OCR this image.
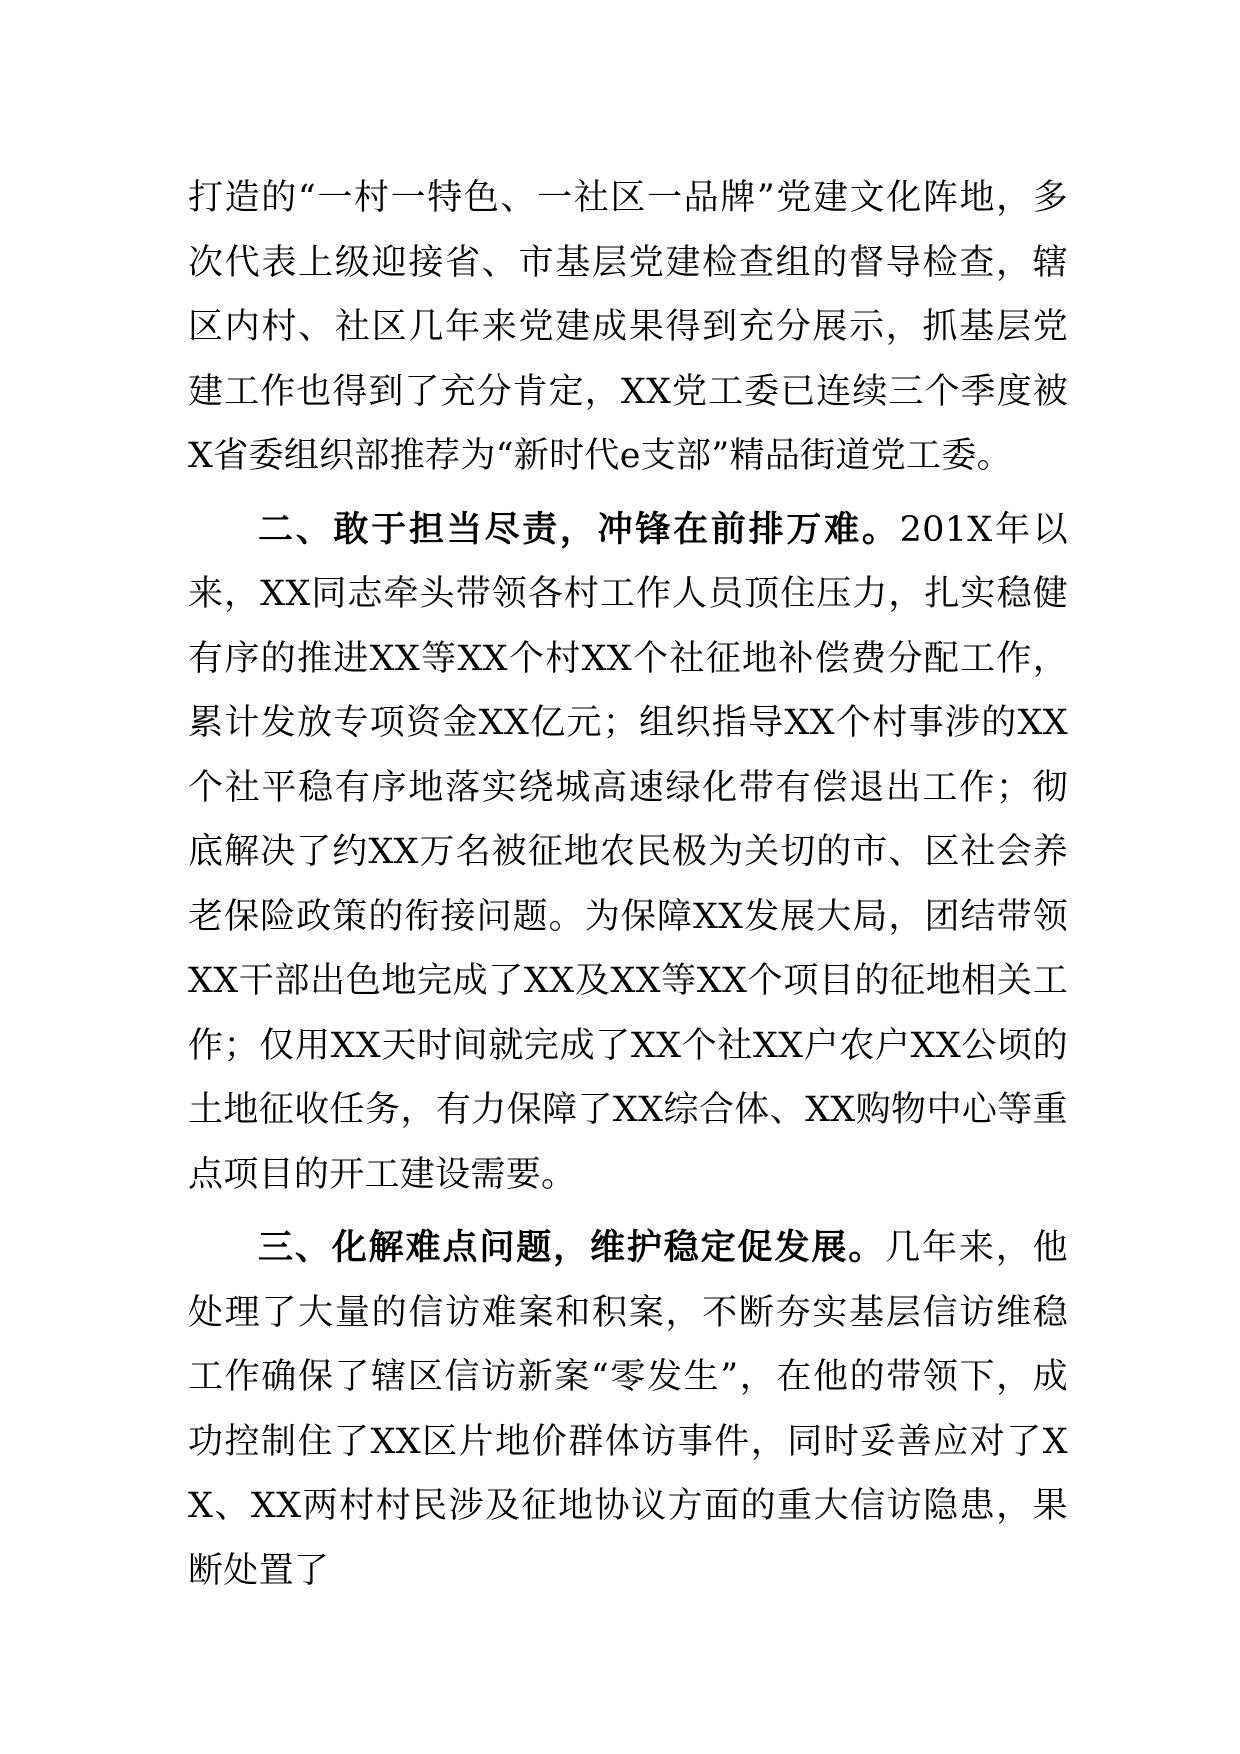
打造的“一村一特色、一社区一品牌”党建文化阵地，多次代表上级迎接省、市基层党建检查组的督导检查，辖区内村、社区几年来党建成果得到充分展示，抓基层党建工作也得到了充分肯定，XX党工委已连续三个季度被X省委组织部推荐为“新时代e支部”精品街道党工委。

二、敢于担当尽责，冲锋在前排万难。201X年以来，XX同志牵头带领各村工作人员顶住压力，扎实稳健有序的推进XX等XX个村XX个社征地补偿费分配工作，累计发放专项资金XX亿元；组织指导XX个村事涉的XX个社平稳有序地落实绕城高速绿化带有偿退出工作；彻底解决了约XX万名被征地农民极为关切的市、区社会养老保险政策的衔接问题。为保障XX发展大局，团结带领XX干部出色地完成了XX及XX等XX个项目的征地相关工作；仅用XX天时间就完成了XX个社XX户农户XX公顷的土地征收任务，有力保障了XX综合体、XX购物中心等重点项目的开工建设需要。

三、化解难点问题，维护稳定促发展。几年来，他处理了大量的信访难案和积案，不断夯实基层信访维稳工作确保了辖区信访新案“零发生”，在他的带领下，成功控制住了XX区片地价群体访事件，同时妥善应对了XX、XX两村村民涉及征地协议方面的重大信访隐患，果断处置了
